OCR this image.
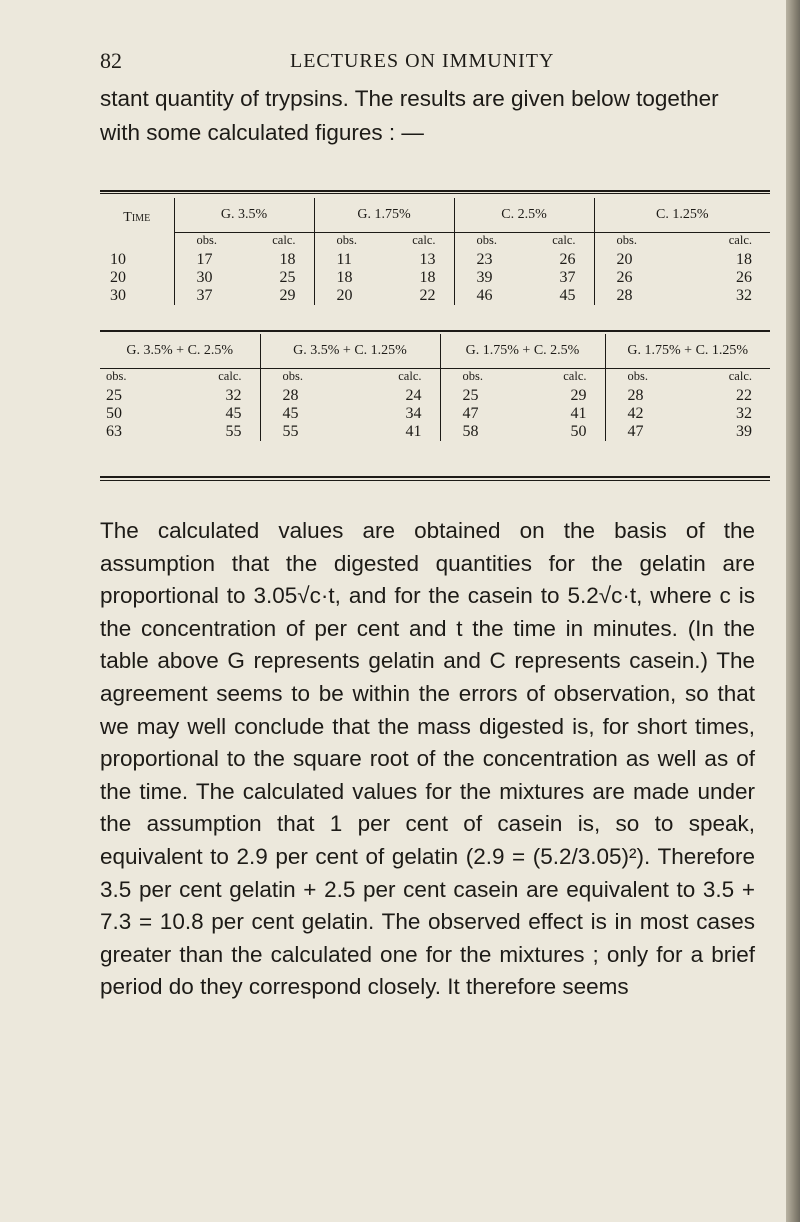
82	LECTURES ON IMMUNITY
stant quantity of trypsins. The results are given below together with some calculated figures : —
Time	G. 3.5%	G. 1.75%	C. 2.5%	C. 1.25%

	obs. calc.	obs. calc.	obs. calc.	obs. calc.

10	17 18	11 13	23 26	20 18

20	30 25	18 18	39 37	26 26

30	37 29	20 22	46 45	28 32
G. 3.5% + C. 2.5%	G. 3.5% + C. 1.25%	G. 1.75% + C. 2.5%	G. 1.75% + C. 1.25%

obs. calc.	obs. calc.	obs. calc.	obs. calc.

25 32	28 24	25 29	28 22

50 45	45 34	47 41	42 32

63 55	55 41	58 50	47 39

The calculated values are obtained on the basis of the assumption that the digested quantities for the gelatin are proportional to 3.05√c·t, and for the casein to 5.2√c·t, where c is the concentration of per cent and t the time in minutes. (In the table above G represents gelatin and C represents casein.) The agreement seems to be within the errors of observation, so that we may well conclude that the mass digested is, for short times, proportional to the square root of the concentration as well as of the time. The calculated values for the mixtures are made under the assumption that 1 per cent of casein is, so to speak, equivalent to 2.9 per cent of gelatin (2.9 = (5.2/3.05)²). Therefore 3.5 per cent gelatin + 2.5 per cent casein are equivalent to 3.5 + 7.3 = 10.8 per cent gelatin. The observed effect is in most cases greater than the calculated one for the mixtures ; only for a brief period do they correspond closely. It therefore seems
